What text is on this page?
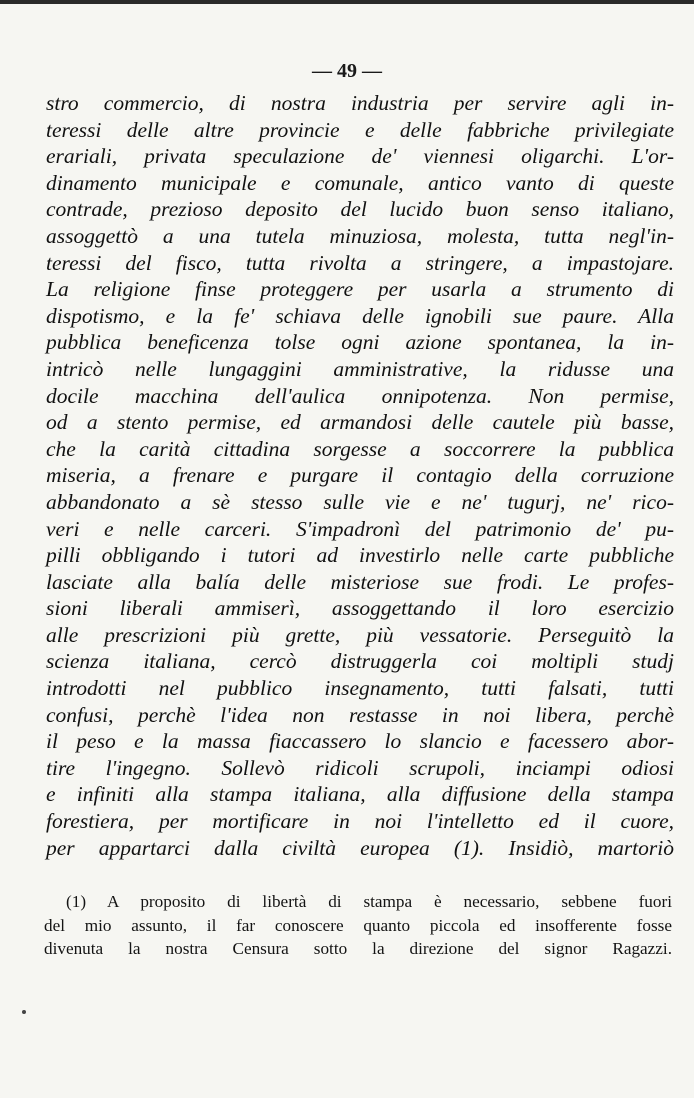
— 49 —
stro commercio, di nostra industria per servire agli in-
teressi delle altre provincie e delle fabbriche privilegiate
erariali, privata speculazione de' viennesi oligarchi. L'or-
dinamento municipale e comunale, antico vanto di queste
contrade, prezioso deposito del lucido buon senso italiano,
assoggettò a una tutela minuziosa, molesta, tutta negl'in-
teressi del fisco, tutta rivolta a stringere, a impastojare.
La religione finse proteggere per usarla a strumento di
dispotismo, e la fe' schiava delle ignobili sue paure. Alla
pubblica beneficenza tolse ogni azione spontanea, la in-
intricò nelle lungaggini amministrative, la ridusse una
docile macchina dell'aulica onnipotenza. Non permise,
od a stento permise, ed armandosi delle cautele più basse,
che la carità cittadina sorgesse a soccorrere la pubblica
miseria, a frenare e purgare il contagio della corruzione
abbandonato a sè stesso sulle vie e ne' tugurj, ne' rico-
veri e nelle carceri. S'impadronì del patrimonio de' pu-
pilli obbligando i tutori ad investirlo nelle carte pubbliche
lasciate alla balía delle misteriose sue frodi. Le profes-
sioni liberali ammiserì, assoggettando il loro esercizio
alle prescrizioni più grette, più vessatorie. Perseguitò la
scienza italiana, cercò distruggerla coi moltipli studj
introdotti nel pubblico insegnamento, tutti falsati, tutti
confusi, perchè l'idea non restasse in noi libera, perchè
il peso e la massa fiaccassero lo slancio e facessero abor-
tire l'ingegno. Sollevò ridicoli scrupoli, inciampi odiosi
e infiniti alla stampa italiana, alla diffusione della stampa
forestiera, per mortificare in noi l'intelletto ed il cuore,
per appartarci dalla civiltà europea (1). Insidiò, martoriò
(1) A proposito di libertà di stampa è necessario, sebbene fuori
del mio assunto, il far conoscere quanto piccola ed insofferente fosse
divenuta la nostra Censura sotto la direzione del signor Ragazzi.
